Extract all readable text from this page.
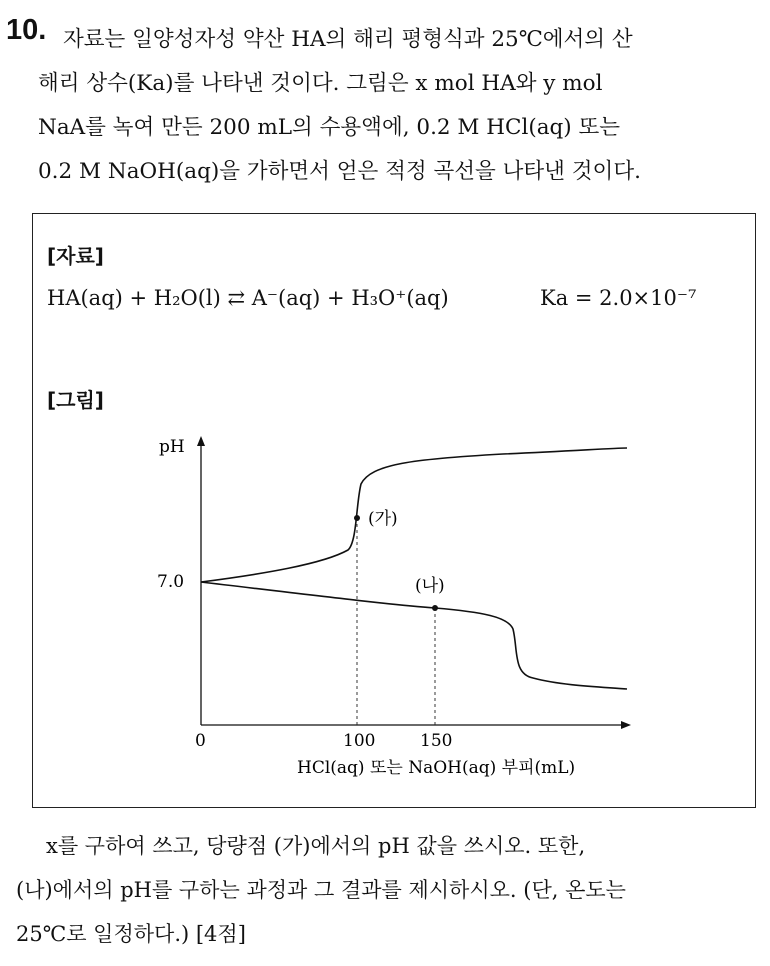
10. 자료는 일양성자성 약산 HA의 해리 평형식과 25℃에서의 산

해리 상수(Ka)를 나타낸 것이다. 그림은 x mol HA와 y mol
NaA를 녹여 만든 200 mL의 수용액에, 0.2 M HCl(aq) 또는
0.2 M NaOH(aq)을 가하면서 얻은 적정 곡선을 나타낸 것이다.
[자료]
HA(aq) + H₂O(l) ⇄ A⁻(aq) + H₃O⁺(aq)	Ka = 2.0×10⁻⁷
[그림]
pH
7.0
0	100	150
HCl(aq) 또는 NaOH(aq) 부피(mL)
(가)
(나)
x를 구하여 쓰고, 당량점 (가)에서의 pH 값을 쓰시오. 또한,
(나)에서의 pH를 구하는 과정과 그 결과를 제시하시오. (단, 온도는
25℃로 일정하다.) [4점]
